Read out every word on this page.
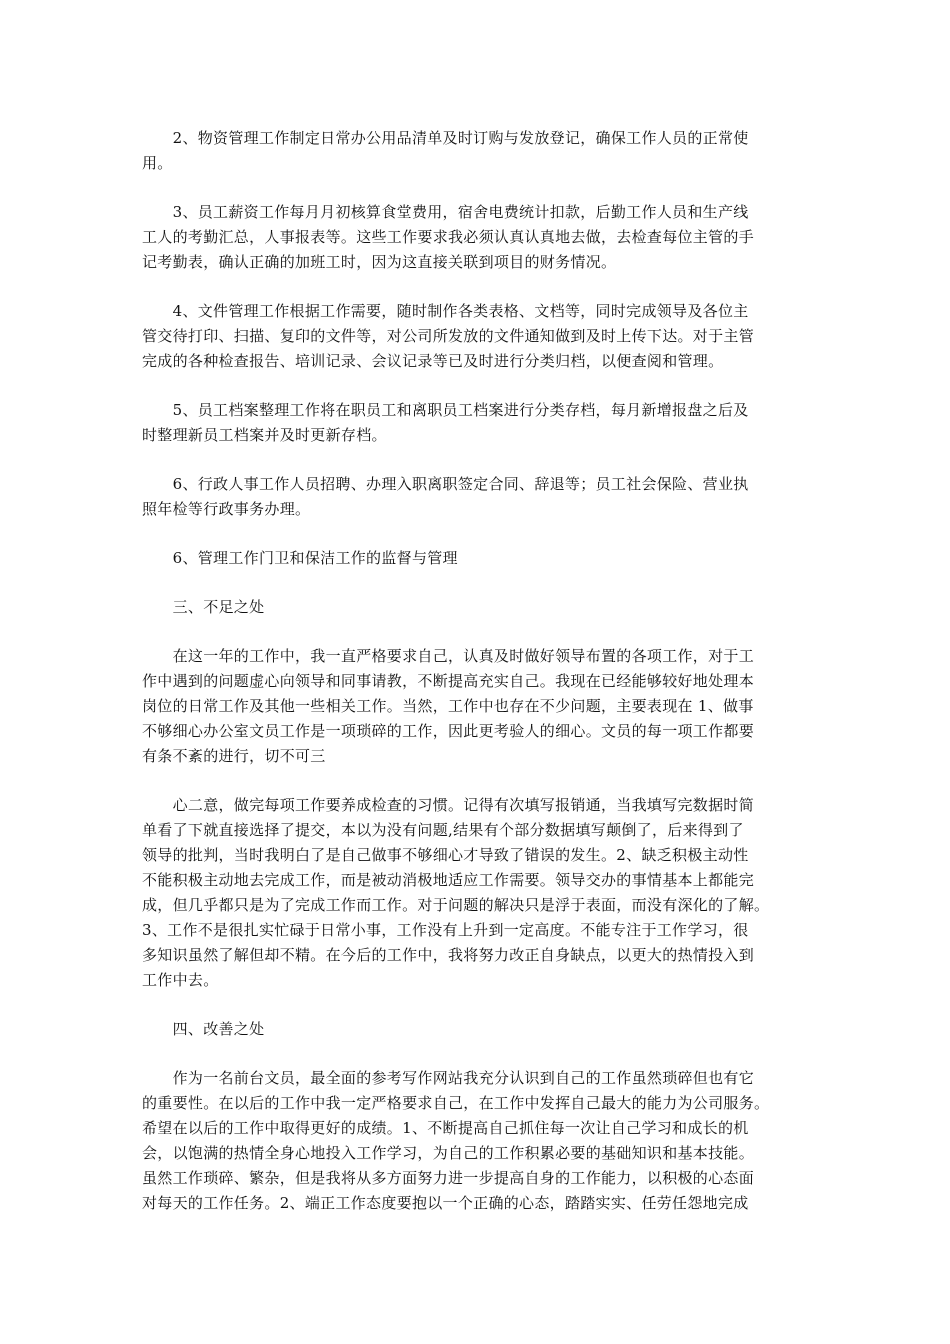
　　2、物资管理工作制定日常办公用品清单及时订购与发放登记，确保工作人员的正常使
用。
　　3、员工薪资工作每月月初核算食堂费用，宿舍电费统计扣款，后勤工作人员和生产线
工人的考勤汇总，人事报表等。这些工作要求我必须认真认真地去做，去检查每位主管的手
记考勤表，确认正确的加班工时，因为这直接关联到项目的财务情况。
　　4、文件管理工作根据工作需要，随时制作各类表格、文档等，同时完成领导及各位主
管交待打印、扫描、复印的文件等，对公司所发放的文件通知做到及时上传下达。对于主管
完成的各种检查报告、培训记录、会议记录等已及时进行分类归档，以便查阅和管理。
　　5、员工档案整理工作将在职员工和离职员工档案进行分类存档，每月新增报盘之后及
时整理新员工档案并及时更新存档。
　　6、行政人事工作人员招聘、办理入职离职签定合同、辞退等；员工社会保险、营业执
照年检等行政事务办理。
　　6、管理工作门卫和保洁工作的监督与管理
　　三、不足之处
　　在这一年的工作中，我一直严格要求自己，认真及时做好领导布置的各项工作，对于工
作中遇到的问题虚心向领导和同事请教，不断提高充实自己。我现在已经能够较好地处理本
岗位的日常工作及其他一些相关工作。当然，工作中也存在不少问题，主要表现在 1、做事
不够细心办公室文员工作是一项琐碎的工作，因此更考验人的细心。文员的每一项工作都要
有条不紊的进行，切不可三
　　心二意，做完每项工作要养成检查的习惯。记得有次填写报销通，当我填写完数据时简
单看了下就直接选择了提交，本以为没有问题,结果有个部分数据填写颠倒了，后来得到了
领导的批判，当时我明白了是自己做事不够细心才导致了错误的发生。2、缺乏积极主动性
不能积极主动地去完成工作，而是被动消极地适应工作需要。领导交办的事情基本上都能完
成，但几乎都只是为了完成工作而工作。对于问题的解决只是浮于表面，而没有深化的了解。
3、工作不是很扎实忙碌于日常小事，工作没有上升到一定高度。不能专注于工作学习，很
多知识虽然了解但却不精。在今后的工作中，我将努力改正自身缺点，以更大的热情投入到
工作中去。
　　四、改善之处
　　作为一名前台文员，最全面的参考写作网站我充分认识到自己的工作虽然琐碎但也有它
的重要性。在以后的工作中我一定严格要求自己，在工作中发挥自己最大的能力为公司服务。
希望在以后的工作中取得更好的成绩。1、不断提高自己抓住每一次让自己学习和成长的机
会，以饱满的热情全身心地投入工作学习，为自己的工作积累必要的基础知识和基本技能。
虽然工作琐碎、繁杂，但是我将从多方面努力进一步提高自身的工作能力，以积极的心态面
对每天的工作任务。2、端正工作态度要抱以一个正确的心态，踏踏实实、任劳任怨地完成
